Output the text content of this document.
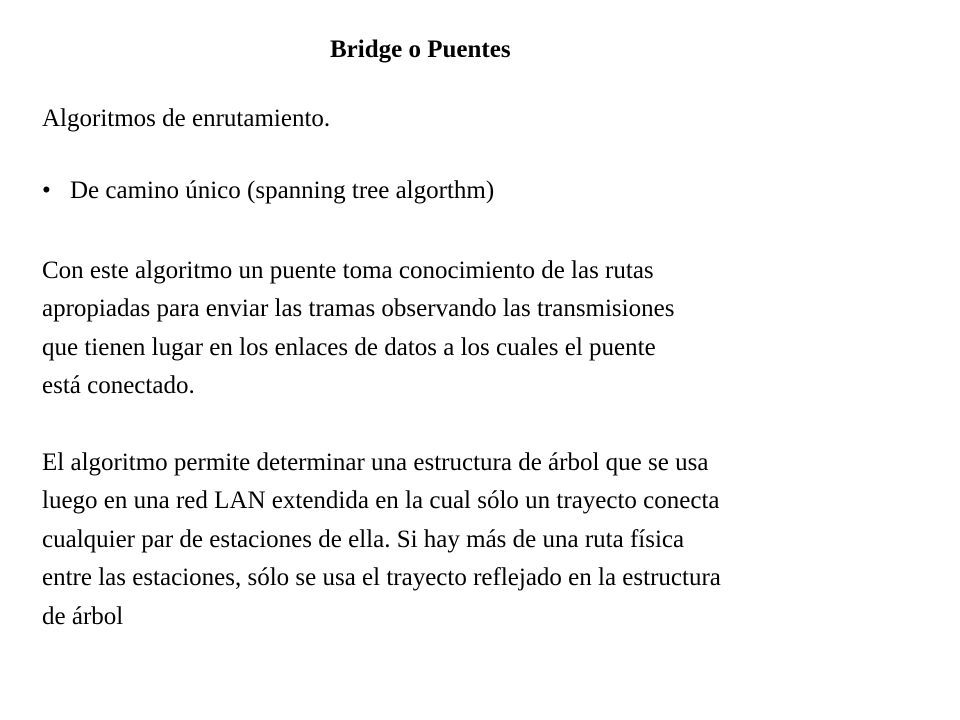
Bridge o Puentes
Algoritmos de enrutamiento.
• De camino único (spanning tree algorthm)
Con este algoritmo un puente toma conocimiento de las rutas
apropiadas para enviar las tramas observando las transmisiones
que tienen lugar en los enlaces de datos a los cuales el puente
está conectado.
El algoritmo permite determinar una estructura de árbol que se usa
luego en una red LAN extendida en la cual sólo un trayecto conecta
cualquier par de estaciones de ella. Si hay más de una ruta física
entre las estaciones, sólo se usa el trayecto reflejado en la estructura
de árbol
